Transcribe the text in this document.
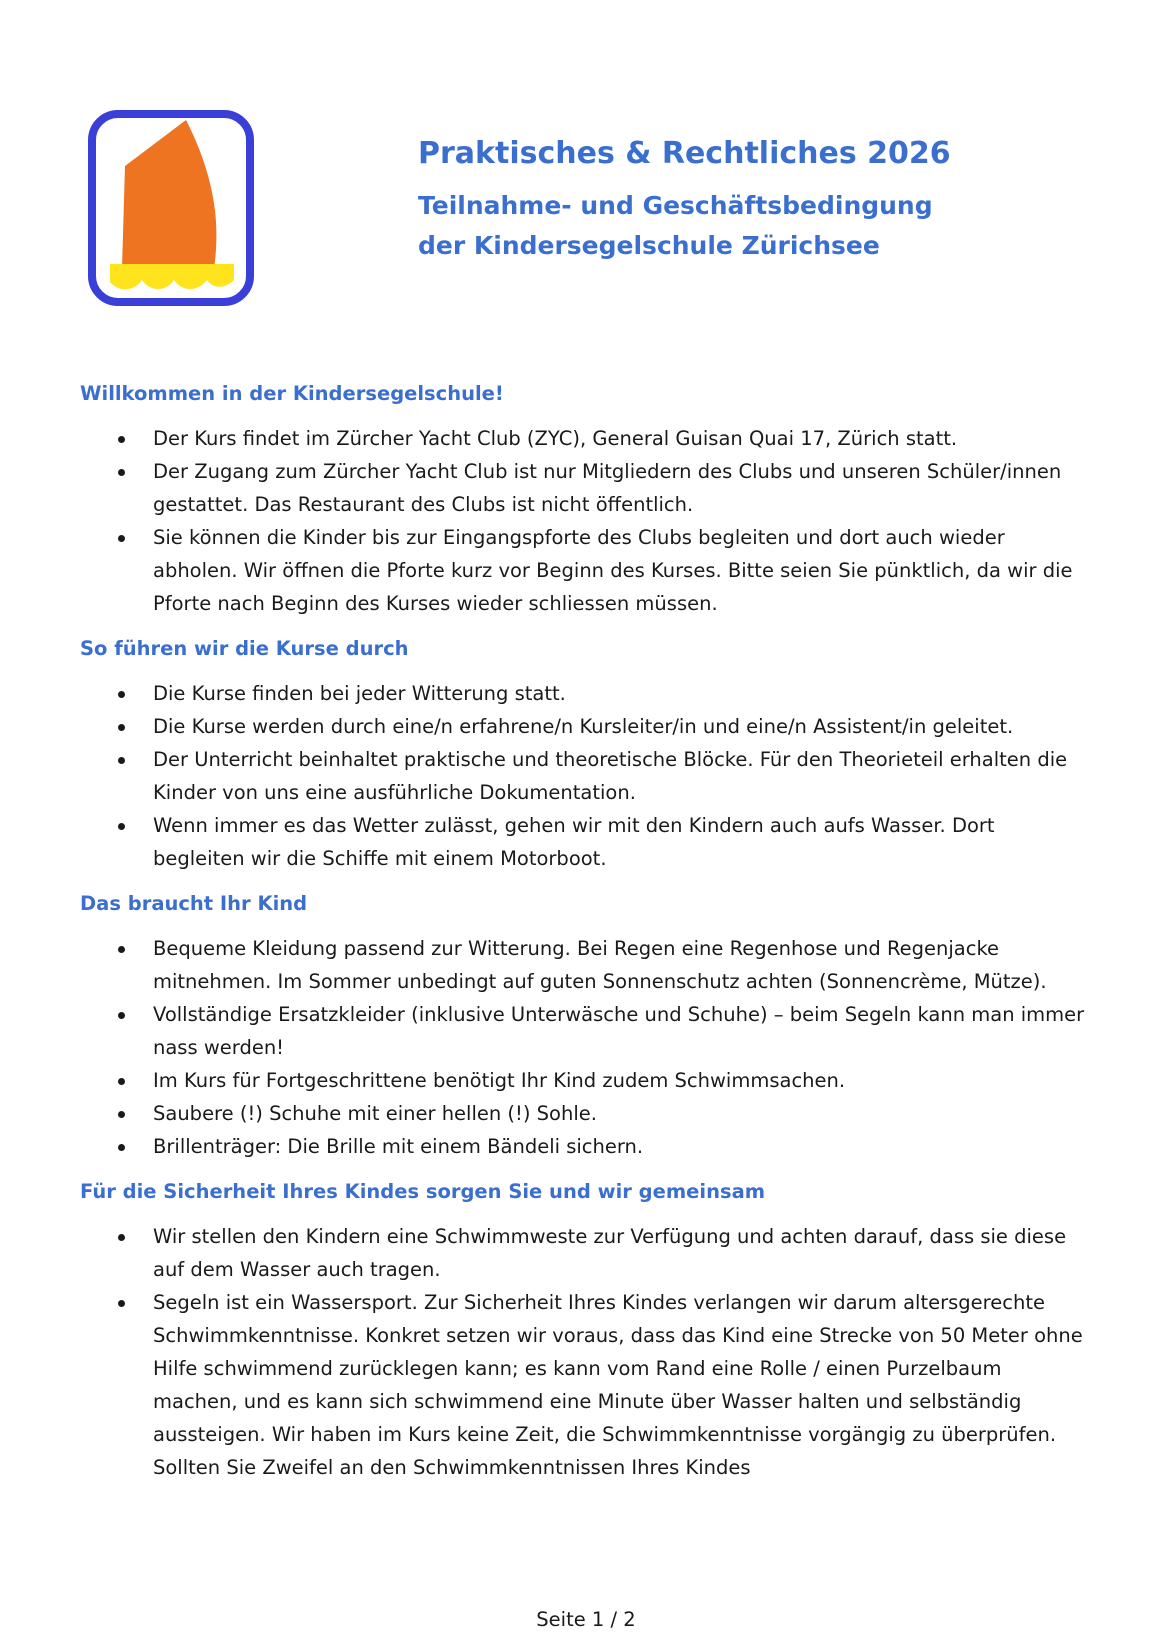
Praktisches & Rechtliches 2026
Teilnahme- und Geschäftsbedingung der Kindersegelschule Zürichsee
Willkommen in der Kindersegelschule!
Der Kurs findet im Zürcher Yacht Club (ZYC), General Guisan Quai 17, Zürich statt.
Der Zugang zum Zürcher Yacht Club ist nur Mitgliedern des Clubs und unseren Schüler/innen gestattet. Das Restaurant des Clubs ist nicht öffentlich.
Sie können die Kinder bis zur Eingangspforte des Clubs begleiten und dort auch wieder abholen. Wir öffnen die Pforte kurz vor Beginn des Kurses. Bitte seien Sie pünktlich, da wir die Pforte nach Beginn des Kurses wieder schliessen müssen.
So führen wir die Kurse durch
Die Kurse finden bei jeder Witterung statt.
Die Kurse werden durch eine/n erfahrene/n Kursleiter/in und eine/n Assistent/in geleitet.
Der Unterricht beinhaltet praktische und theoretische Blöcke. Für den Theorieteil erhalten die Kinder von uns eine ausführliche Dokumentation.
Wenn immer es das Wetter zulässt, gehen wir mit den Kindern auch aufs Wasser. Dort begleiten wir die Schiffe mit einem Motorboot.
Das braucht Ihr Kind
Bequeme Kleidung passend zur Witterung. Bei Regen eine Regenhose und Regenjacke mitnehmen. Im Sommer unbedingt auf guten Sonnenschutz achten (Sonnencrème, Mütze).
Vollständige Ersatzkleider (inklusive Unterwäsche und Schuhe) – beim Segeln kann man immer nass werden!
Im Kurs für Fortgeschrittene benötigt Ihr Kind zudem Schwimmsachen.
Saubere (!) Schuhe mit einer hellen (!) Sohle.
Brillenträger: Die Brille mit einem Bändeli sichern.
Für die Sicherheit Ihres Kindes sorgen Sie und wir gemeinsam
Wir stellen den Kindern eine Schwimmweste zur Verfügung und achten darauf, dass sie diese auf dem Wasser auch tragen.
Segeln ist ein Wassersport. Zur Sicherheit Ihres Kindes verlangen wir darum altersgerechte Schwimmkenntnisse. Konkret setzen wir voraus, dass das Kind eine Strecke von 50 Meter ohne Hilfe schwimmend zurücklegen kann; es kann vom Rand eine Rolle / einen Purzelbaum machen, und es kann sich schwimmend eine Minute über Wasser halten und selbständig aussteigen. Wir haben im Kurs keine Zeit, die Schwimmkenntnisse vorgängig zu überprüfen. Sollten Sie Zweifel an den Schwimmkenntnissen Ihres Kindes
Seite 1 / 2
